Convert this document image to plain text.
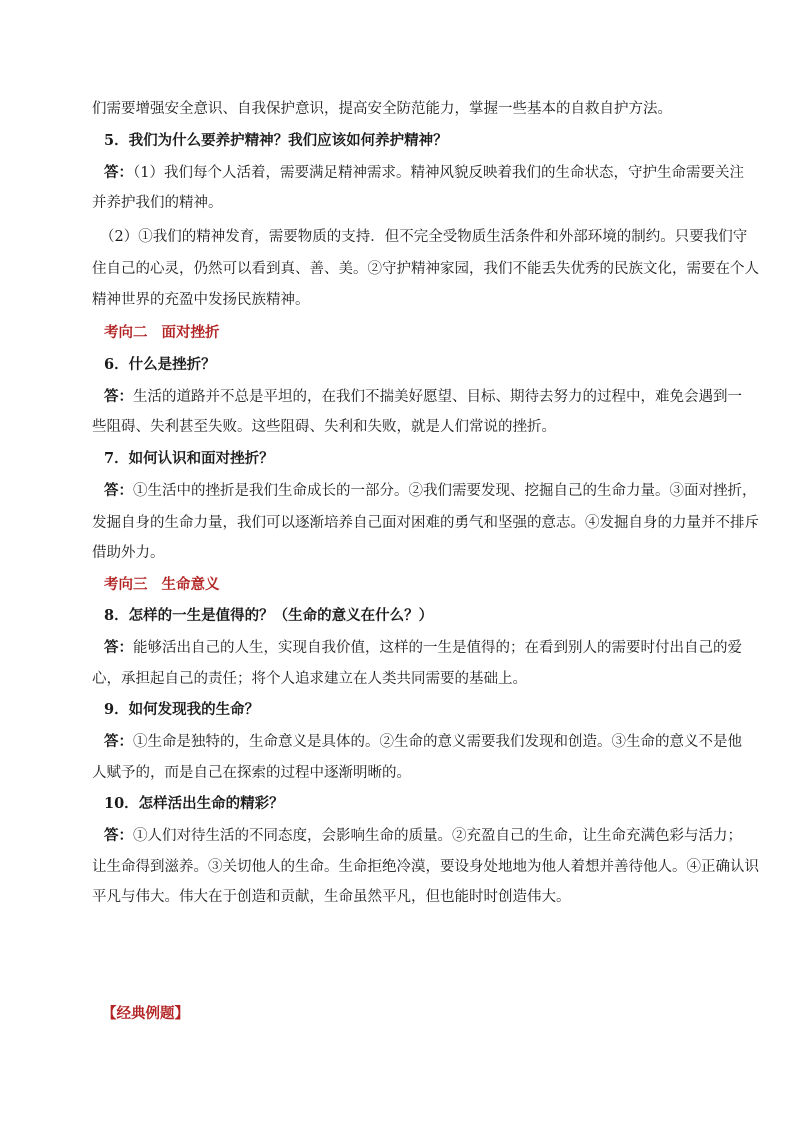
们需要增强安全意识、自我保护意识，提高安全防范能力，掌握一些基本的自救自护方法。
5．我们为什么要养护精神？我们应该如何养护精神？
答：（1）我们每个人活着，需要满足精神需求。精神风貌反映着我们的生命状态，守护生命需要关注
并养护我们的精神。
（2）①我们的精神发育，需要物质的支持．但不完全受物质生活条件和外部环境的制约。只要我们守
住自己的心灵，仍然可以看到真、善、美。②守护精神家园，我们不能丢失优秀的民族文化，需要在个人
精神世界的充盈中发扬民族精神。
考向二 面对挫折
6．什么是挫折？
答：生活的道路并不总是平坦的，在我们不揣美好愿望、目标、期待去努力的过程中，难免会遇到一
些阻碍、失利甚至失败。这些阻碍、失利和失败，就是人们常说的挫折。
7．如何认识和面对挫折？
答：①生活中的挫折是我们生命成长的一部分。②我们需要发现、挖掘自己的生命力量。③面对挫折，
发掘自身的生命力量，我们可以逐渐培养自己面对困难的勇气和坚强的意志。④发掘自身的力量并不排斥
借助外力。
考向三 生命意义
8．怎样的一生是值得的？（生命的意义在什么？）
答：能够活出自己的人生，实现自我价值，这样的一生是值得的；在看到别人的需要时付出自己的爱
心，承担起自己的责任；将个人追求建立在人类共同需要的基础上。
9．如何发现我的生命？
答：①生命是独特的，生命意义是具体的。②生命的意义需要我们发现和创造。③生命的意义不是他
人赋予的，而是自己在探索的过程中逐渐明晰的。
10．怎样活出生命的精彩？
答：①人们对待生活的不同态度，会影响生命的质量。②充盈自己的生命，让生命充满色彩与活力；
让生命得到滋养。③关切他人的生命。生命拒绝冷漠，要设身处地地为他人着想并善待他人。④正确认识
平凡与伟大。伟大在于创造和贡献，生命虽然平凡，但也能时时创造伟大。
【经典例题】
